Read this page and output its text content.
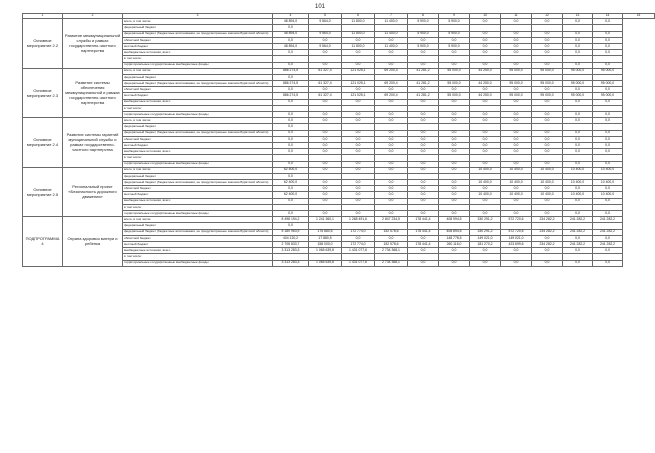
101
1	2	3	4	5	6	7	8	9	10	11	12	13	14	15
Основное мероприятие 2.2	Развитие межмуниципальной службы и рамках государственно-частного партнерства	всего, в том числе:	48 894,0	9 564,0	11 800,0	11 400,0	5 900,0	5 900,0	0,0	0,0	0,0	0,0	0,0	
		федеральный бюджет	0,0											
		федеральный бюджет (бюджетные ассигнования, не предусмотренные законом Бурятской области)	48 894,0	9 564,0	11 800,0	11 400,0	5 900,0	5 900,0	0,0	0,0	0,0	0,0	0,0	
		областной бюджет	0,0	0,0	0,0	0,0	0,0	0,0	0,0	0,0	0,0	0,0	0,0	
		местный бюджет	48 894,0	9 564,0	11 800,0	11 400,0	5 900,0	5 900,0	0,0	0,0	0,0	0,0	0,0	
		внебюджетные источники, всего	0,0	0,0	0,0	0,0	0,0	0,0	0,0	0,0	0,0	0,0	0,0	
		в том числе:												
		территориальные государственные внебюджетные фонды	0,0	0,0	0,0	0,0	0,0	0,0	0,0	0,0	0,0	0,0	0,0	
Основное мероприятие 2.3	Развитие системы обеспечения межмуниципальной и рамках государственно-частного партнерства	всего, в том числе:	886 274,5	61 327,4	121 025,1	69 200,4	41 281,2	55 000,0	44 250,0	95 000,0	95 000,0	95 000,0	95 000,0	
		федеральный бюджет	0,0											
		федеральный бюджет (бюджетные ассигнования, не предусмотренные законом Бурятской области)	886 274,5	61 327,4	121 025,1	69 200,4	41 281,2	55 000,0	44 250,0	95 000,0	95 000,0	95 000,0	95 000,0	
		областной бюджет	0,0	0,0	0,0	0,0	0,0	0,0	0,0	0,0	0,0	0,0	0,0	
		местный бюджет	886 274,5	61 327,4	121 025,1	69 200,4	41 281,2	55 000,0	44 250,0	95 000,0	95 000,0	95 000,0	95 000,0	
		внебюджетные источники, всего	0,0	0,0	0,0	0,0	0,0	0,0	0,0	0,0	0,0	0,0	0,0	
		в том числе:												
		территориальные государственные внебюджетные фонды	0,0	0,0	0,0	0,0	0,0	0,0	0,0	0,0	0,0	0,0	0,0	
Основное мероприятие 2.4	Развитие системы гарантий муниципальной службы и рамках государственно-частного партнерства	всего, в том числе:	0,0	0,0	0,0	0,0	0,0	0,0	0,0	0,0	0,0	0,0	0,0	
		федеральный бюджет	0,0											
		федеральный бюджет (бюджетные ассигнования, не предусмотренные законом Бурятской области)	0,0	0,0	0,0	0,0	0,0	0,0	0,0	0,0	0,0	0,0	0,0	
		областной бюджет	0,0	0,0	0,0	0,0	0,0	0,0	0,0	0,0	0,0	0,0	0,0	
		местный бюджет	0,0	0,0	0,0	0,0	0,0	0,0	0,0	0,0	0,0	0,0	0,0	
		внебюджетные источники, всего	0,0	0,0	0,0	0,0	0,0	0,0	0,0	0,0	0,0	0,0	0,0	
		в том числе:												
		территориальные государственные внебюджетные фонды	0,0	0,0	0,0	0,0	0,0	0,0	0,0	0,0	0,0	0,0	0,0	
Основное мероприятие 2.5	Региональный проект «Безопасность дорожного движения»	всего, в том числе:	62 400,0	0,0	0,0	0,0	0,0	0,0	10 400,0	10 400,0	10 400,0	10 400,0	10 400,0	
		федеральный бюджет	0,0											
		федеральный бюджет (бюджетные ассигнования, не предусмотренные законом Бурятской области)	62 400,0	0,0	0,0	0,0	0,0	0,0	10 400,0	10 400,0	10 400,0	10 400,0	10 400,0	
		областной бюджет	0,0	0,0	0,0	0,0	0,0	0,0	0,0	0,0	0,0	0,0	0,0	
		местный бюджет	62 400,0	0,0	0,0	0,0	0,0	0,0	10 400,0	10 400,0	10 400,0	10 400,0	10 400,0	
		внебюджетные источники, всего	0,0	0,0	0,0	0,0	0,0	0,0	0,0	0,0	0,0	0,0	0,0	
		в том числе:												
		территориальные государственные внебюджетные фонды	0,0	0,0	0,0	0,0	0,0	0,0	0,0	0,0	0,0	0,0	0,0	
ПОДПРОГРАММА 4	Охрана здоровья матери и ребенка	всего, в том числе:	8 498 194,2	1 241 360,1	1 268 491,6	2 847 234,5	178 441,4	408 994,5	330 291,2	572 720,6	234 282,2	241 282,2	241 282,2	
		федеральный бюджет	0,0											
		федеральный бюджет (бюджетные ассигнования, не предусмотренные законом Бурятской области)	5 180 963,9	175 880,5	172 774,0	152 578,6	178 441,4	408 894,5	330 291,2	572 720,6	234 282,2	241 282,2	241 282,2	
		областной бюджет	404 120,2	17 880,5	0,0	0,0	0,0	148 778,5	149 021,0	149 021,0	0,0	0,0	0,0	
		местный бюджет	2 708 833,7	158 000,0	172 774,0	152 578,6	178 441,4	260 116,0	181 270,2	423 699,6	234 282,2	241 282,2	241 282,2	
		внебюджетные источники, всего	3 313 283,3	1 065 639,8	1 431 077,6	2 734 368,1	0,0	0,0	0,0	0,0	0,0	0,0	0,0	
		в том числе:												
		территориальные государственные внебюджетные фонды	3 313 283,3	1 065 639,8	1 431 077,6	2 734 368,1	0,0	0,0	0,0	0,0	0,0	0,0	0,0	
